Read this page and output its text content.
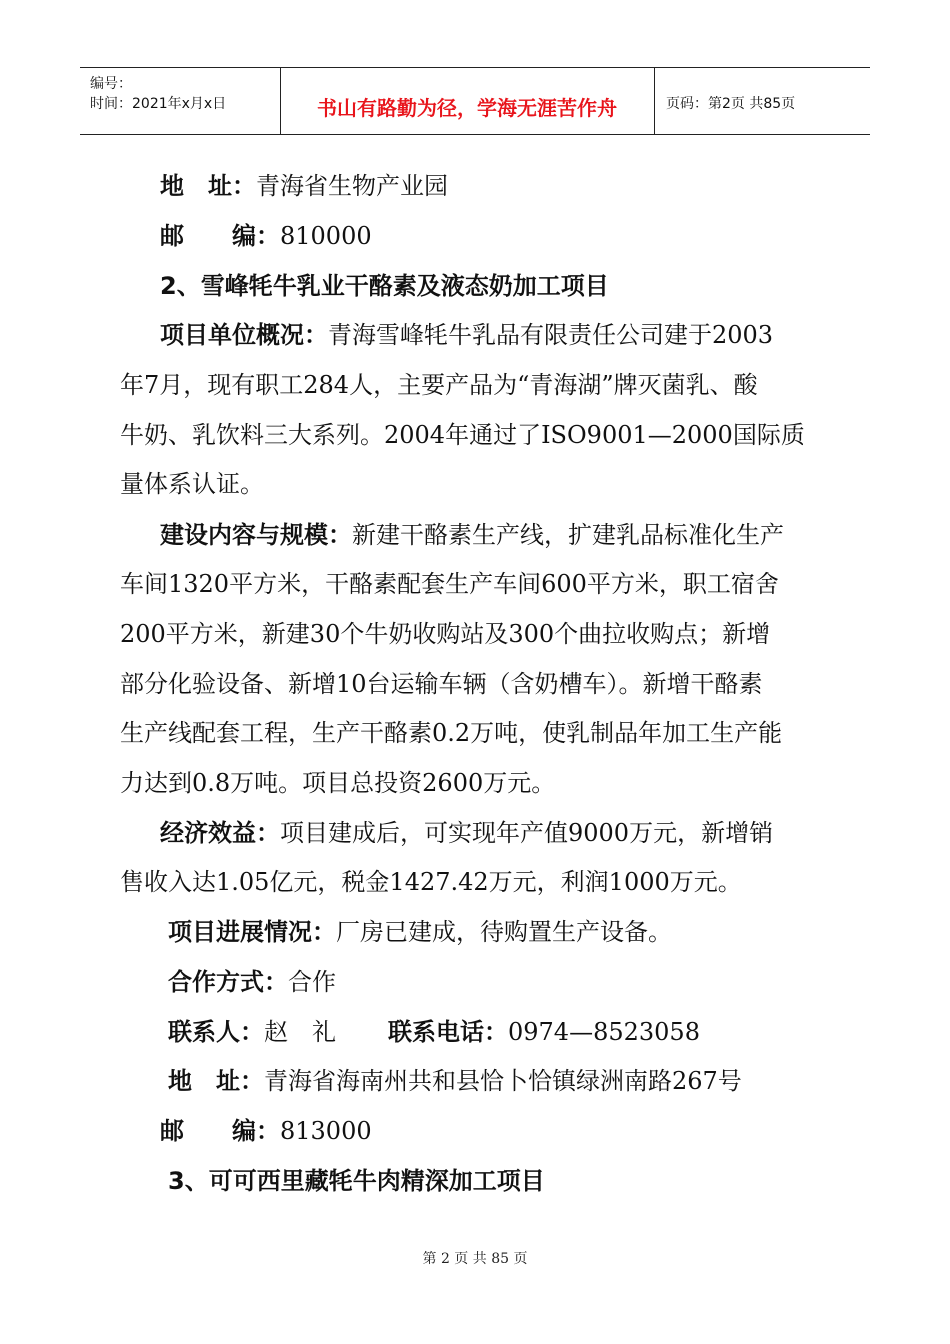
编号：
时间：2021年x月x日	书山有路勤为径，学海无涯苦作舟	页码：第2页 共85页
地　址：青海省生物产业园
邮　　编：810000
2、雪峰牦牛乳业干酪素及液态奶加工项目
项目单位概况：青海雪峰牦牛乳品有限责任公司建于2003
年7月，现有职工284人，主要产品为“青海湖”牌灭菌乳、酸
牛奶、乳饮料三大系列。2004年通过了ISO9001—2000国际质
量体系认证。
建设内容与规模：新建干酪素生产线，扩建乳品标准化生产
车间1320平方米，干酪素配套生产车间600平方米，职工宿舍
200平方米，新建30个牛奶收购站及300个曲拉收购点；新增
部分化验设备、新增10台运输车辆（含奶槽车）。新增干酪素
生产线配套工程，生产干酪素0.2万吨，使乳制品年加工生产能
力达到0.8万吨。项目总投资2600万元。
经济效益：项目建成后，可实现年产值9000万元，新增销
售收入达1.05亿元，税金1427.42万元，利润1000万元。
项目进展情况：厂房已建成，待购置生产设备。
合作方式：合作
联系人：赵　礼 联系电话：0974—8523058
地　址：青海省海南州共和县恰卜恰镇绿洲南路267号
邮　　编：813000
3、可可西里藏牦牛肉精深加工项目
第 2 页 共 85 页
